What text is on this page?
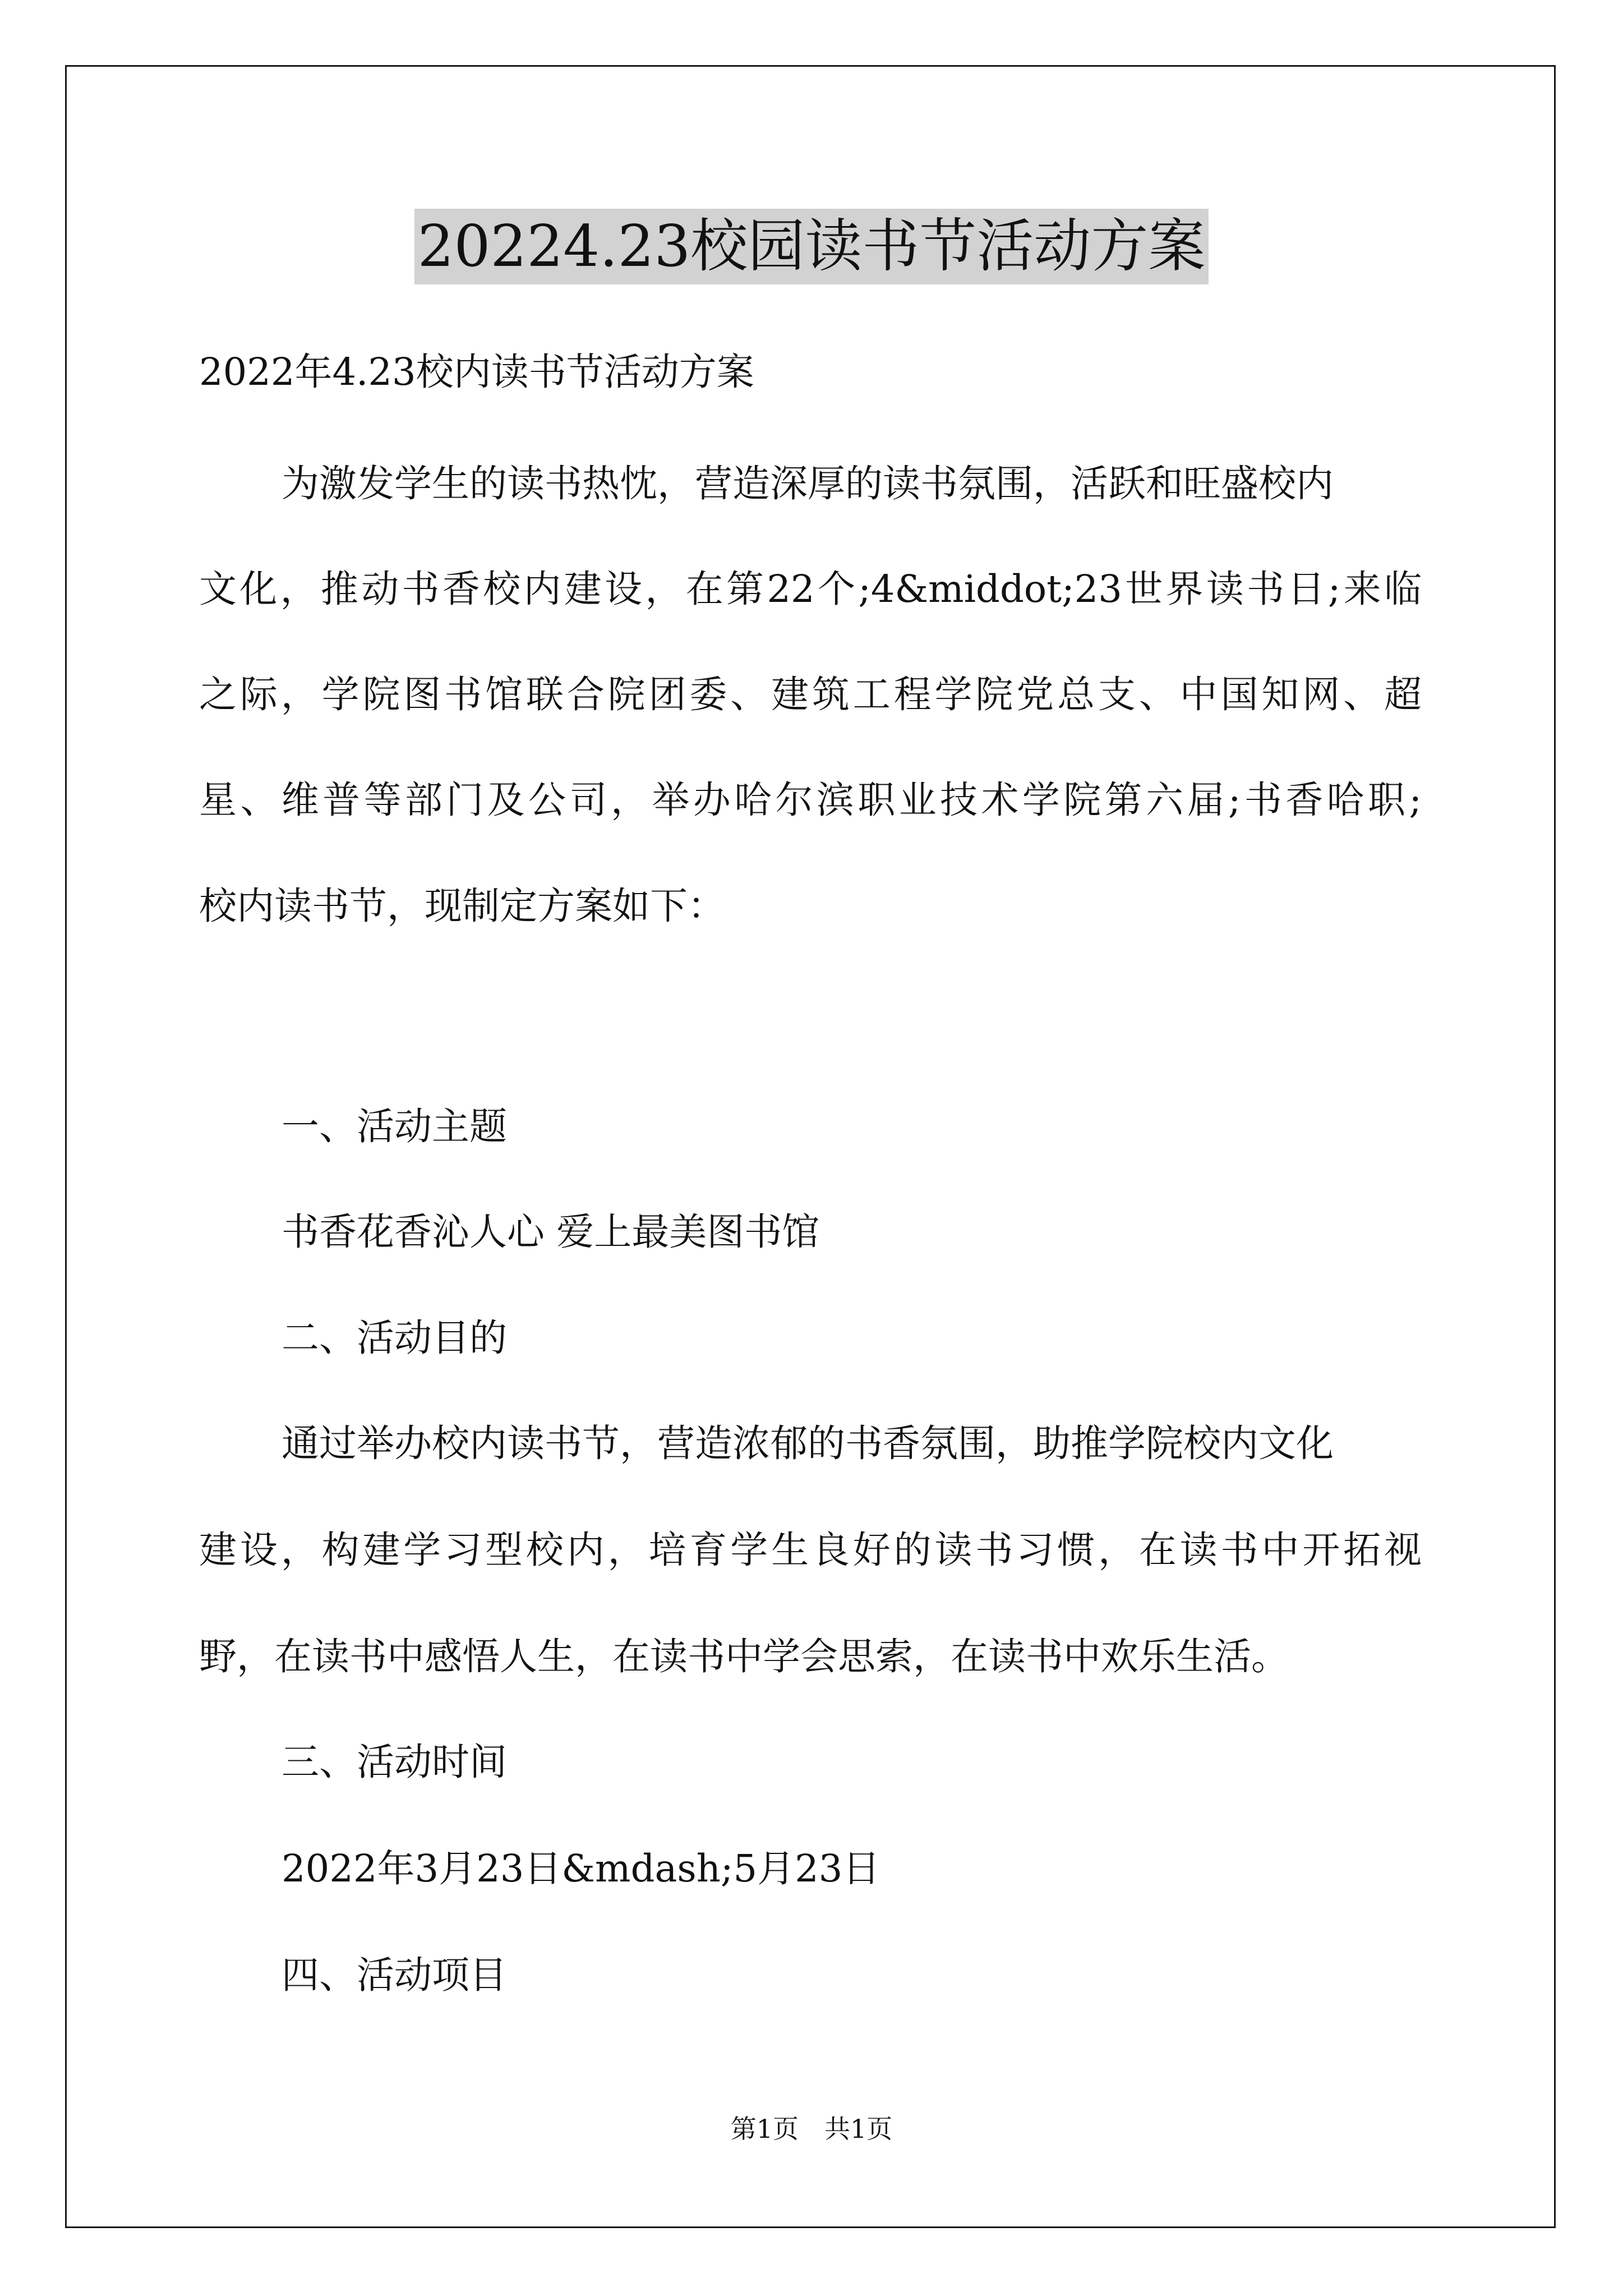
20224.23校园读书节活动方案
2022年4.23校内读书节活动方案
为激发学生的读书热忱，营造深厚的读书氛围，活跃和旺盛校内
文化，推动书香校内建设，在第22个;4&middot;23世界读书日;来临
之际，学院图书馆联合院团委、建筑工程学院党总支、中国知网、超
星、维普等部门及公司，举办哈尔滨职业技术学院第六届;书香哈职;
校内读书节，现制定方案如下：
一、活动主题
书香花香沁人心 爱上最美图书馆
二、活动目的
通过举办校内读书节，营造浓郁的书香氛围，助推学院校内文化
建设，构建学习型校内，培育学生良好的读书习惯，在读书中开拓视
野，在读书中感悟人生，在读书中学会思索，在读书中欢乐生活。
三、活动时间
2022年3月23日&mdash;5月23日
四、活动项目
第1页 共1页
